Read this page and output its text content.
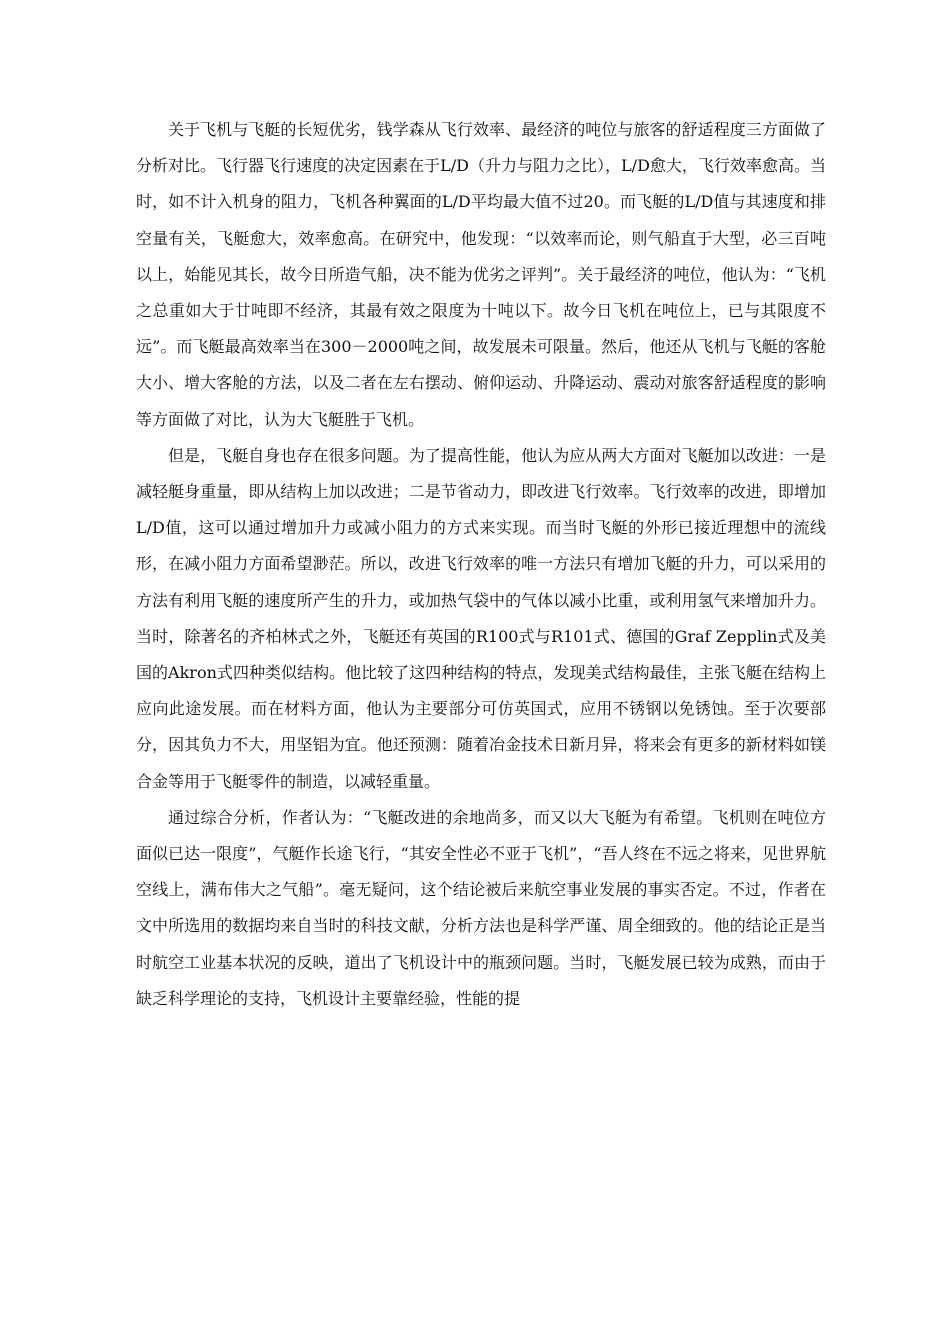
关于飞机与飞艇的长短优劣，钱学森从飞行效率、最经济的吨位与旅客的舒适程度三方面做了分析对比。飞行器飞行速度的决定因素在于L/D（升力与阻力之比），L/D愈大，飞行效率愈高。当时，如不计入机身的阻力，飞机各种翼面的L/D平均最大值不过20。而飞艇的L/D值与其速度和排空量有关，飞艇愈大，效率愈高。在研究中，他发现：“以效率而论，则气船直于大型，必三百吨以上，始能见其长，故今日所造气船，决不能为优劣之评判”。关于最经济的吨位，他认为：“飞机之总重如大于廿吨即不经济，其最有效之限度为十吨以下。故今日飞机在吨位上，已与其限度不远”。而飞艇最高效率当在300－2000吨之间，故发展未可限量。然后，他还从飞机与飞艇的客舱大小、增大客舱的方法，以及二者在左右摆动、俯仰运动、升降运动、震动对旅客舒适程度的影响等方面做了对比，认为大飞艇胜于飞机。

但是，飞艇自身也存在很多问题。为了提高性能，他认为应从两大方面对飞艇加以改进：一是减轻艇身重量，即从结构上加以改进；二是节省动力，即改进飞行效率。飞行效率的改进，即增加L/D值，这可以通过增加升力或减小阻力的方式来实现。而当时飞艇的外形已接近理想中的流线形，在减小阻力方面希望渺茫。所以，改进飞行效率的唯一方法只有增加飞艇的升力，可以采用的方法有利用飞艇的速度所产生的升力，或加热气袋中的气体以减小比重，或利用氢气来增加升力。当时，除著名的齐柏林式之外，飞艇还有英国的R100式与R101式、德国的Graf Zepplin式及美国的Akron式四种类似结构。他比较了这四种结构的特点，发现美式结构最佳，主张飞艇在结构上应向此途发展。而在材料方面，他认为主要部分可仿英国式，应用不锈钢以免锈蚀。至于次要部分，因其负力不大，用坚铝为宜。他还预测：随着冶金技术日新月异，将来会有更多的新材料如镁合金等用于飞艇零件的制造，以减轻重量。

通过综合分析，作者认为：“飞艇改进的余地尚多，而又以大飞艇为有希望。飞机则在吨位方面似已达一限度”，气艇作长途飞行，“其安全性必不亚于飞机”，“吾人终在不远之将来，见世界航空线上，满布伟大之气船”。毫无疑问，这个结论被后来航空事业发展的事实否定。不过，作者在文中所选用的数据均来自当时的科技文献，分析方法也是科学严谨、周全细致的。他的结论正是当时航空工业基本状况的反映，道出了飞机设计中的瓶颈问题。当时，飞艇发展已较为成熟，而由于缺乏科学理论的支持，飞机设计主要靠经验，性能的提
